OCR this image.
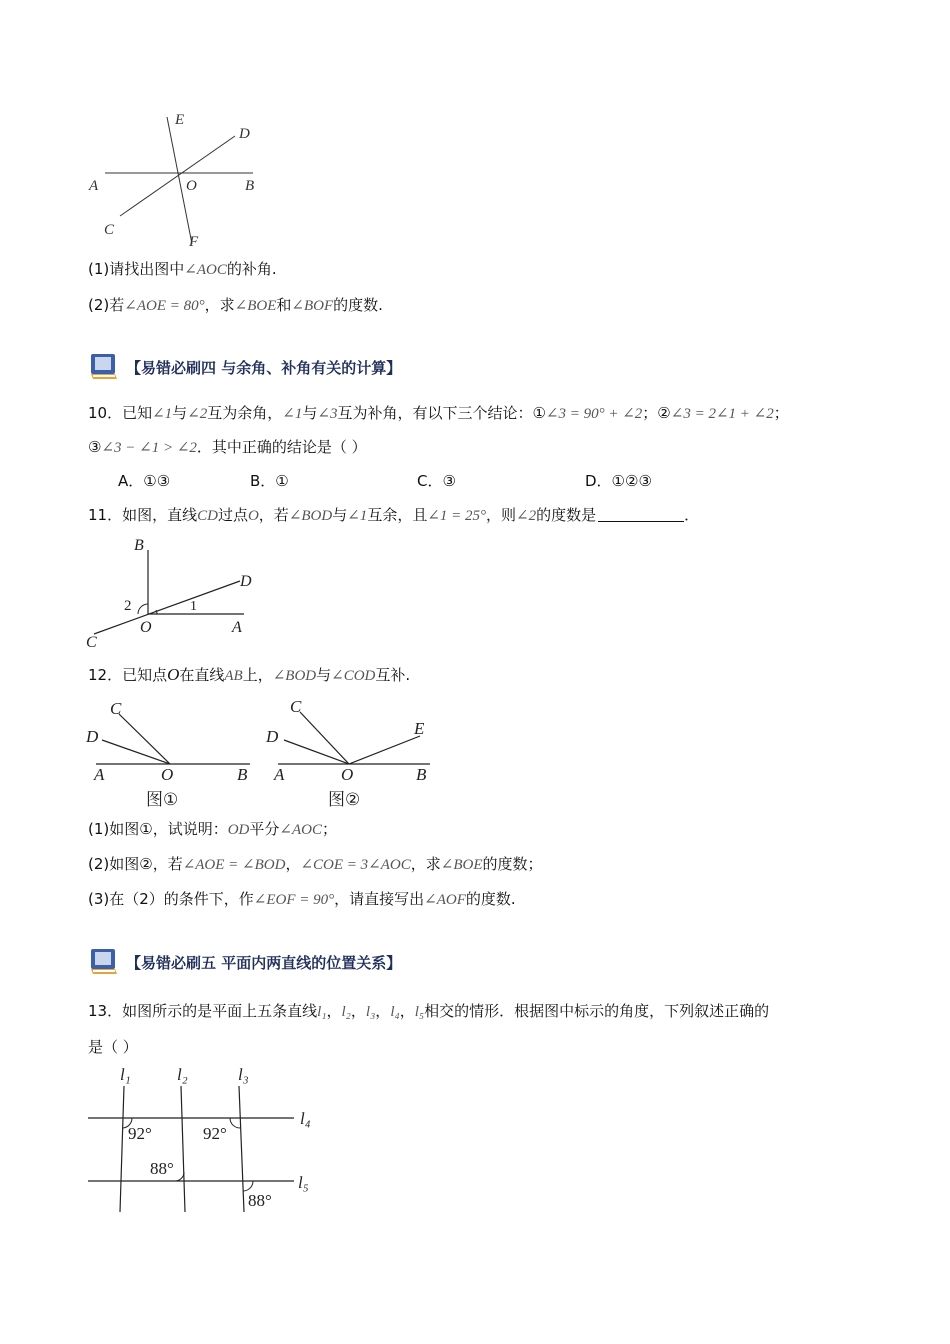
E
D
A	O	B
C
F
(1)请找出图中∠AOC的补角.
(2)若∠AOE = 80°，求∠BOE和∠BOF的度数.
【易错必刷四 与余角、补角有关的计算】
10．已知∠1与∠2互为余角，∠1与∠3互为补角，有以下三个结论：①∠3 = 90° + ∠2；②∠3 = 2∠1 + ∠2；
③∠3 − ∠1 > ∠2．其中正确的结论是（ ）
A．①③	B．①	C．③	D．①②③
11．如图，直线CD过点O，若∠BOD与∠1互余，且∠1 = 25°，则∠2的度数是	．
B
D
2	1
O	A
C
12．已知点O在直线AB上，∠BOD与∠COD互补.
C
D
A	O	B
图①
C
D	E
A	O	B
图②
(1)如图①，试说明：OD平分∠AOC；
(2)如图②，若∠AOE = ∠BOD，∠COE = 3∠AOC，求∠BOE的度数；
(3)在（2）的条件下，作∠EOF = 90°，请直接写出∠AOF的度数.
【易错必刷五 平面内两直线的位置关系】
13．如图所示的是平面上五条直线l₁，l₂，l₃，l₄，l₅相交的情形．根据图中标示的角度，下列叙述正确的
是（ ）
l₁	l₂	l₃
l₄
l₅
92°	92°
88°
88°
